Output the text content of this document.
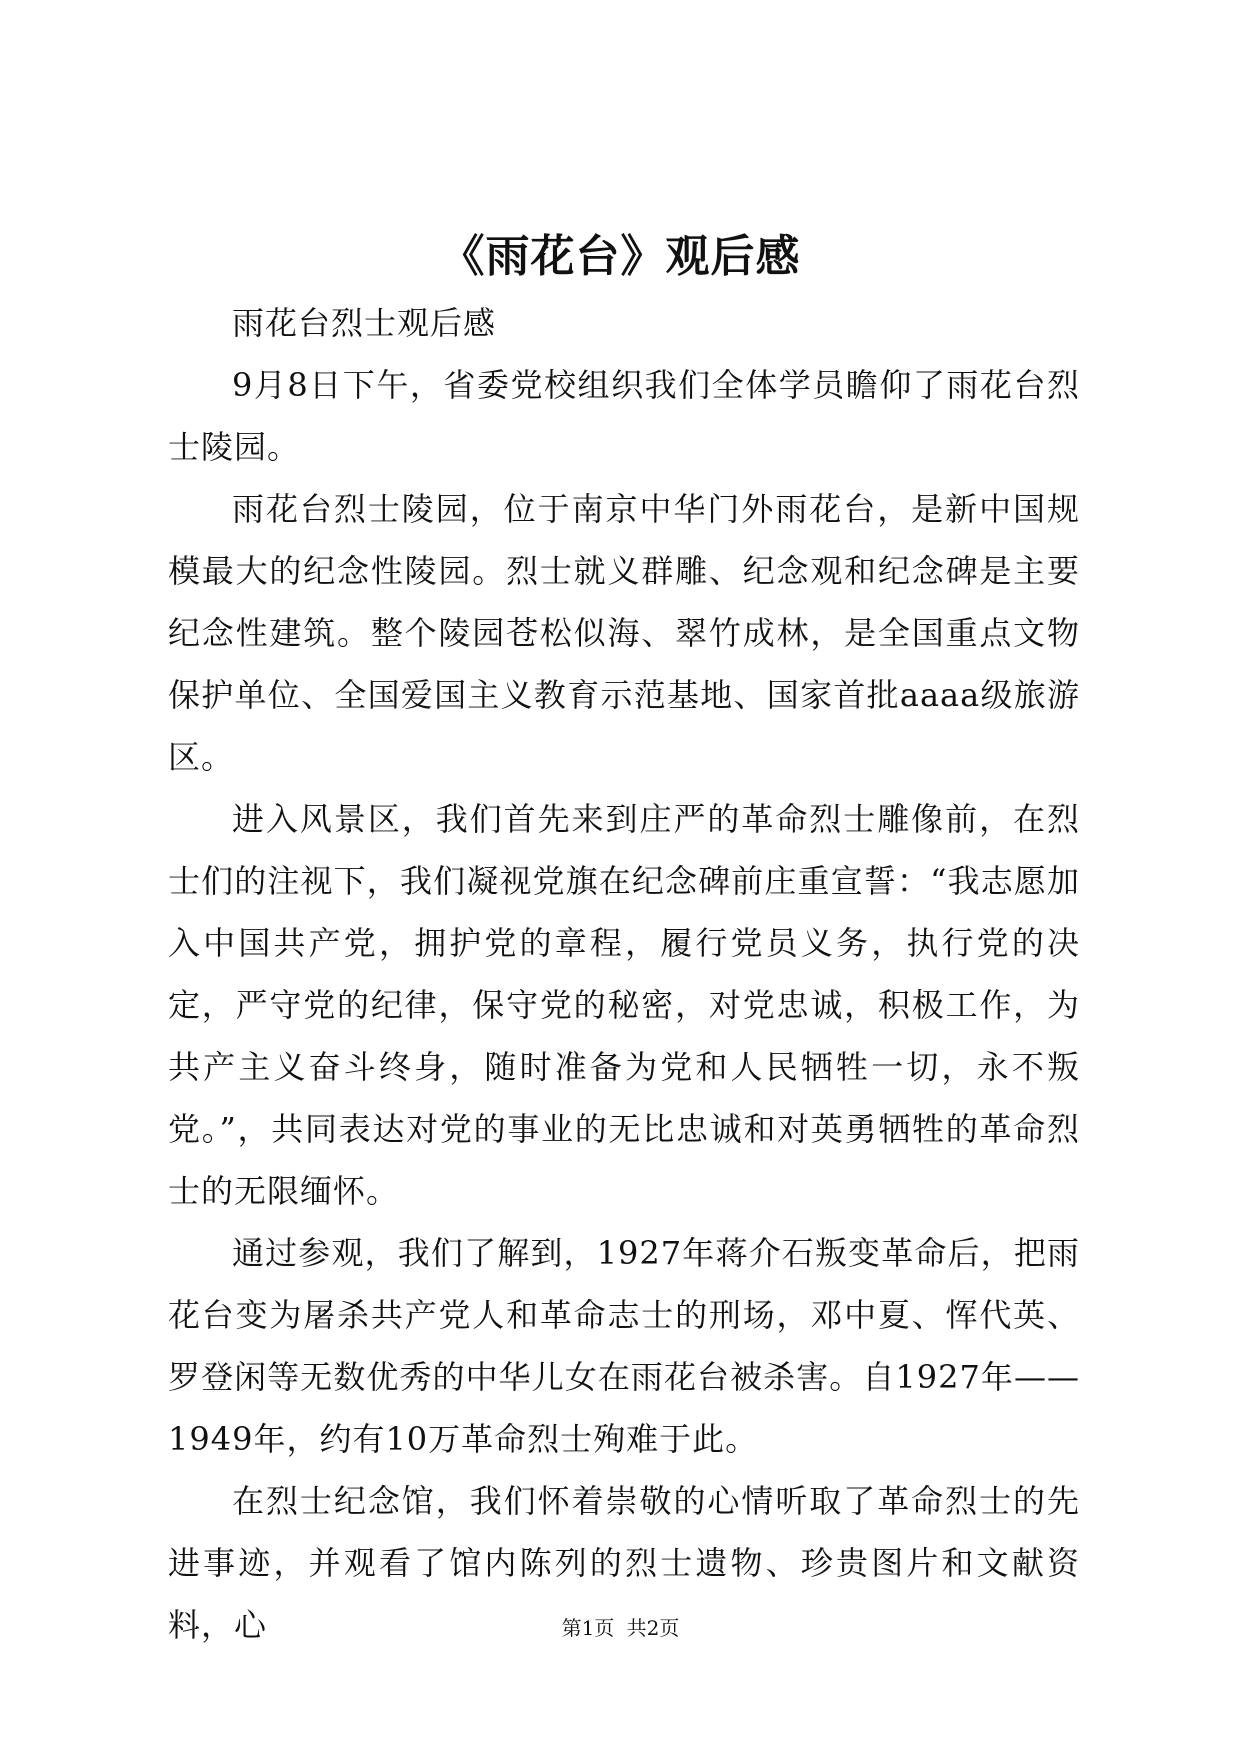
《雨花台》观后感

雨花台烈士观后感

9月8日下午，省委党校组织我们全体学员瞻仰了雨花台烈士陵园。

雨花台烈士陵园，位于南京中华门外雨花台，是新中国规模最大的纪念性陵园。烈士就义群雕、纪念观和纪念碑是主要纪念性建筑。整个陵园苍松似海、翠竹成林，是全国重点文物保护单位、全国爱国主义教育示范基地、国家首批aaaa级旅游区。

进入风景区，我们首先来到庄严的革命烈士雕像前，在烈士们的注视下，我们凝视党旗在纪念碑前庄重宣誓：“我志愿加入中国共产党，拥护党的章程，履行党员义务，执行党的决定，严守党的纪律，保守党的秘密，对党忠诚，积极工作，为共产主义奋斗终身，随时准备为党和人民牺牲一切，永不叛党。”，共同表达对党的事业的无比忠诚和对英勇牺牲的革命烈士的无限缅怀。

通过参观，我们了解到，1927年蒋介石叛变革命后，把雨花台变为屠杀共产党人和革命志士的刑场，邓中夏、恽代英、罗登闲等无数优秀的中华儿女在雨花台被杀害。自1927年——1949年，约有10万革命烈士殉难于此。

在烈士纪念馆，我们怀着崇敬的心情听取了革命烈士的先进事迹，并观看了馆内陈列的烈士遗物、珍贵图片和文献资料，心	第1页 共2页
